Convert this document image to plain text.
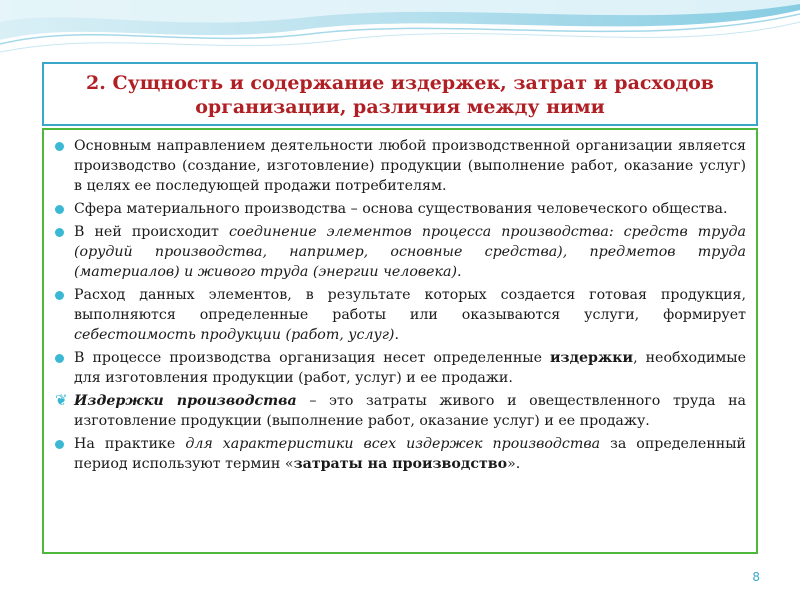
2. Сущность и содержание издержек, затрат и расходов
организации, различия между ними
Основным направлением деятельности любой производственной организации является производство (создание, изготовление) продукции (выполнение работ, оказание услуг) в целях ее последующей продажи потребителям.
Сфера материального производства – основа существования человеческого общества.
В ней происходит соединение элементов процесса производства: средств труда (орудий производства, например, основные средства), предметов труда (материалов) и живого труда (энергии человека).
Расход данных элементов, в результате которых создается готовая продукция, выполняются определенные работы или оказываются услуги, формирует себестоимость продукции (работ, услуг).
В процессе производства организация несет определенные издержки, необходимые для изготовления продукции (работ, услуг) и ее продажи.
❦ Издержки производства – это затраты живого и овеществленного труда на изготовление продукции (выполнение работ, оказание услуг) и ее продажу.
На практике для характеристики всех издержек производства за определенный период используют термин «затраты на производство».
8
